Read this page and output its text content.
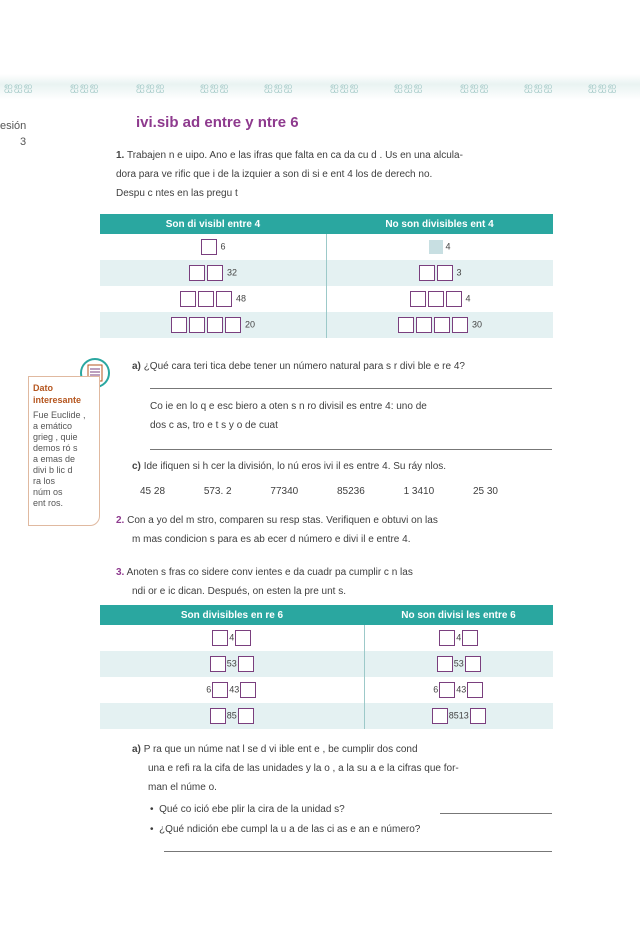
ஐஐஐ	ஐஐஐ	ஐஐஐ	ஐஐஐ	ஐஐஐ	ஐஐஐ	ஐஐஐ	ஐஐஐ	ஐஐஐ	ஐஐஐ
esión
3
ivi.sib ad entre y ntre 6
1. Trabajen n e uipo. Ano e las ifras que falta en ca da cu d . Us en una alcula-
dora para ve rific que i de la izquier a son di si e ent 4 los de derech no.
Despu c ntes en las pregu t
Son di visibl entre 4	No son divisibles ent 4
6	4
32	3
48	4
20	30
Dato
interesante
Fue Euclide ,
a emático
grieg , quie
demos ró s
a emas de
divi b lic d
ra los
núm os
ent ros.
a) ¿Qué cara teri tica debe tener un número natural para s r divi ble e re 4?
Co ie en lo q e esc biero a oten s n ro divisil es entre 4: uno de
dos c as, tro e t s y o de cuat
c) Ide ifiquen si h cer la división, lo nú eros ivi il es entre 4. Su ráy nlos.
45 28	573. 2	77340	85236	1 3410	25 30
2. Con a yo del m stro, comparen su resp stas. Verifiquen e obtuvi on las
m mas condicion s para es ab ecer d número e divi il e entre 4.
3. Anoten s fras co sidere conv ientes e da cuadr pa cumplir c n las
ndi or e ic dican. Después, on esten la pre unt s.
Son divisibles en re 6	No son divisi les entre 6
4	4
53	53
6 43	6 43
85	8513
a) P ra que un núme nat l se d vi ible ent e , be cumplir dos cond
una e refi ra la cifa de las unidades y la o , a la su a e la cifras que for-
man el núme o.
• Qué co ició ebe plir la cira de la unidad s?
• ¿Qué ndición ebe cumpl la u a de las ci as e an e número?
